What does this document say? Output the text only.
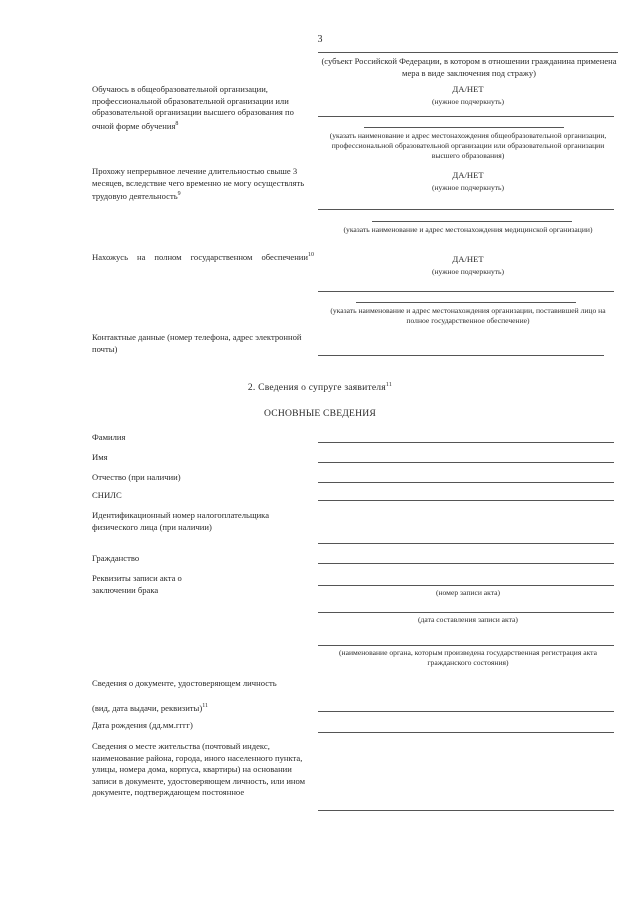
3
(субъект Российской Федерации, в котором в отношении гражданина применена мера в виде заключения под стражу)
Обучаюсь в общеобразовательной организации, профессиональной образовательной организации или образовательной организации высшего образования по очной форме обучения$^8$
ДА/НЕТ
(нужное подчеркнуть)
(указать наименование и адрес местонахождения общеобразовательной организации, профессиональной образовательной организации или образовательной организации высшего образования)
Прохожу непрерывное лечение длительностью свыше 3 месяцев, вследствие чего временно не могу осуществлять трудовую деятельность$^9$
ДА/НЕТ
(нужное подчеркнуть)
(указать наименование и адрес местонахождения медицинской организации)
Нахожусь на полном государственном обеспечении$^{10}$	ДА/НЕТ
(нужное подчеркнуть)
(указать наименование и адрес местонахождения организации, поставившей лицо на полное государственное обеспечение)
Контактные данные (номер телефона, адрес электронной почты)
2. Сведения о супруге заявителя$^{11}$
ОСНОВНЫЕ СВЕДЕНИЯ
Фамилия
Имя
Отчество (при наличии)
СНИЛС
Идентификационный номер налогоплательщика физического лица (при наличии)
Гражданство
Реквизиты записи акта о заключении брака	(номер записи акта)
(дата составления записи акта)
(наименование органа, которым произведена государственная регистрация акта гражданского состояния)
Сведения о документе, удостоверяющем личность
(вид, дата выдачи, реквизиты)$^{11}$
Дата рождения (дд.мм.гггг)
Сведения о месте жительства (почтовый индекс, наименование района, города, иного населенного пункта, улицы, номера дома, корпуса, квартиры) на основании записи в документе, удостоверяющем личность, или ином документе, подтверждающем постоянное
